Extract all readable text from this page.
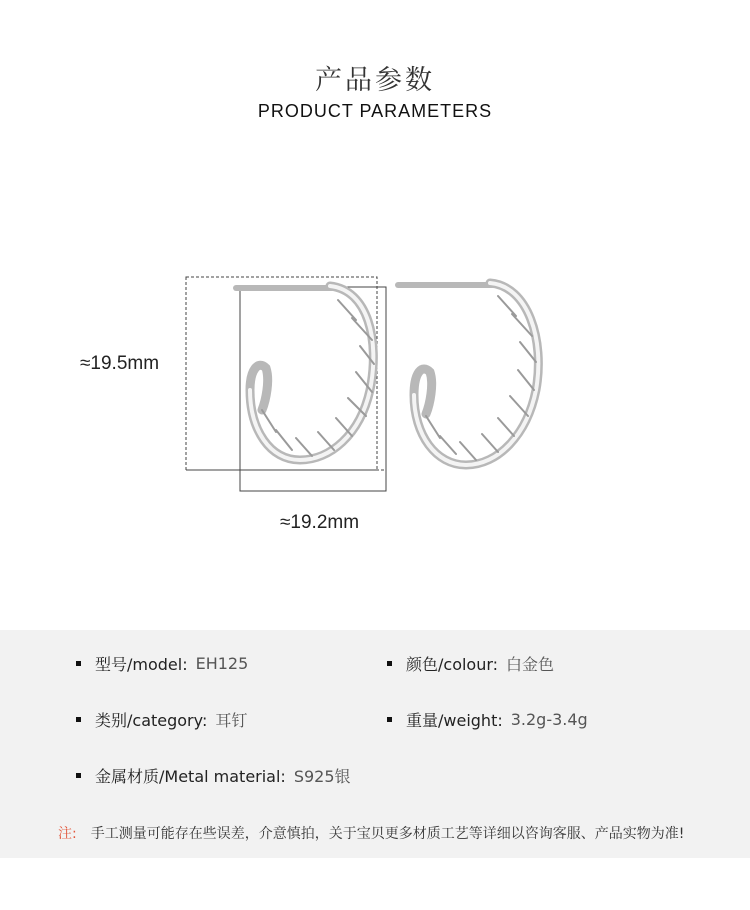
产品参数
PRODUCT PARAMETERS
≈19.5mm
≈19.2mm
型号/model: EH125	颜色/colour: 白金色
类别/category: 耳钉	重量/weight: 3.2g-3.4g
金属材质/Metal material: S925银
注: 手工测量可能存在些误差，介意慎拍，关于宝贝更多材质工艺等详细以咨询客服、产品实物为准!
